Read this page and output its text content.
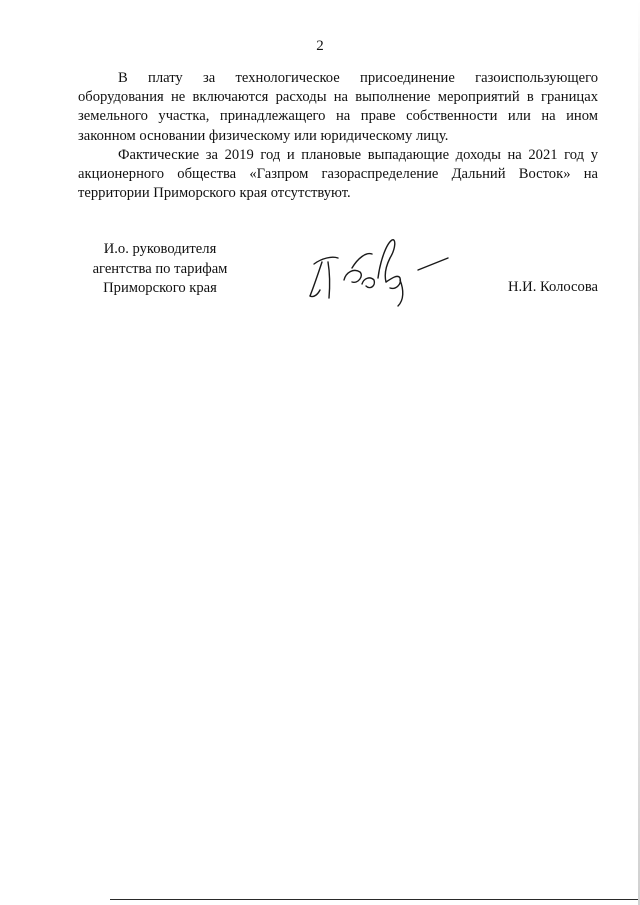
2

В плату за технологическое присоединение газоиспользующего оборудования не включаются расходы на выполнение мероприятий в границах земельного участка, принадлежащего на праве собственности или на ином законном основании физическому или юридическому лицу.

Фактические за 2019 год и плановые выпадающие доходы на 2021 год у акционерного общества «Газпром газораспределение Дальний Восток» на территории Приморского края отсутствуют.

И.о. руководителя
агентства по тарифам
Приморского края	Н.И. Колосова
